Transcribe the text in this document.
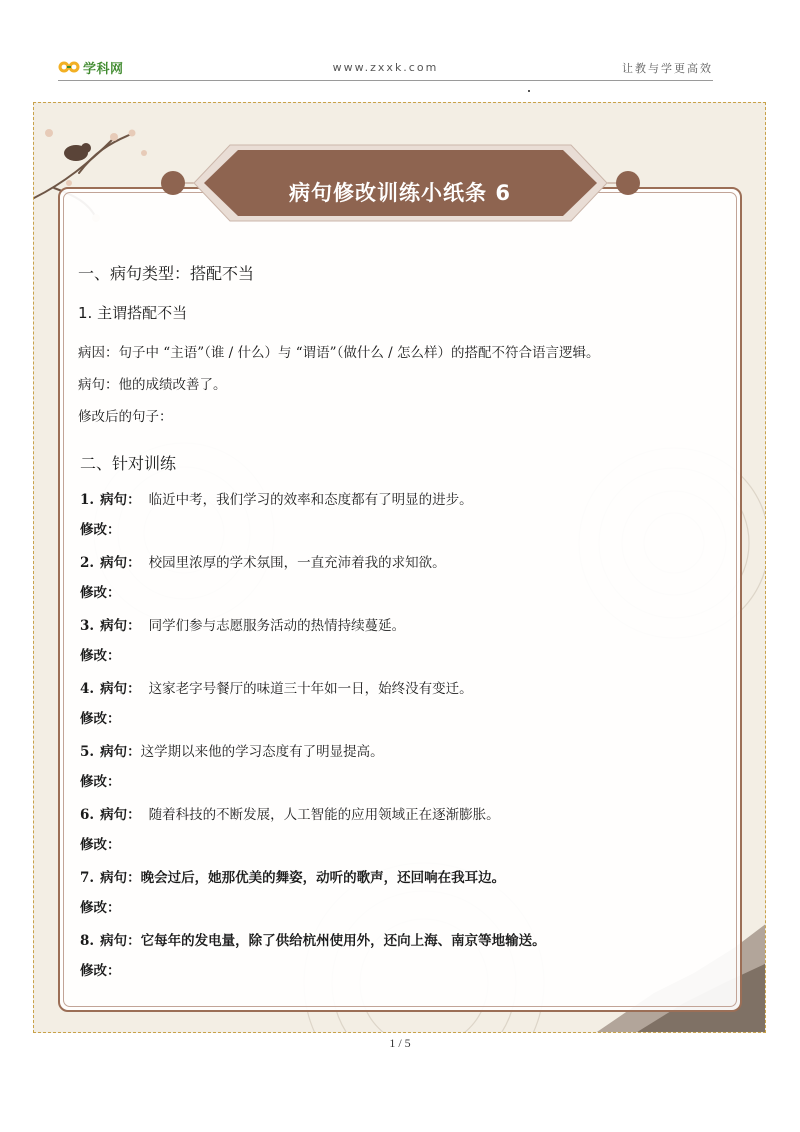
学科网	www.zxxk.com	让教与学更高效
病句修改训练小纸条 6
一、病句类型：搭配不当
1. 主谓搭配不当
病因：句子中 “主语”（谁 / 什么）与 “谓语”（做什么 / 怎么样）的搭配不符合语言逻辑。
病句：他的成绩改善了。
修改后的句子：
二、针对训练
1. 病句： 临近中考，我们学习的效率和态度都有了明显的进步。
修改：
2. 病句： 校园里浓厚的学术氛围，一直充沛着我的求知欲。
修改：
3. 病句： 同学们参与志愿服务活动的热情持续蔓延。
修改：
4. 病句： 这家老字号餐厅的味道三十年如一日，始终没有变迁。
修改：
5. 病句：这学期以来他的学习态度有了明显提高。
修改：
6. 病句： 随着科技的不断发展，人工智能的应用领域正在逐渐膨胀。
修改：
7. 病句：晚会过后，她那优美的舞姿，动听的歌声，还回响在我耳边。
修改：
8. 病句：它每年的发电量，除了供给杭州使用外，还向上海、南京等地输送。
修改：
1 / 5
